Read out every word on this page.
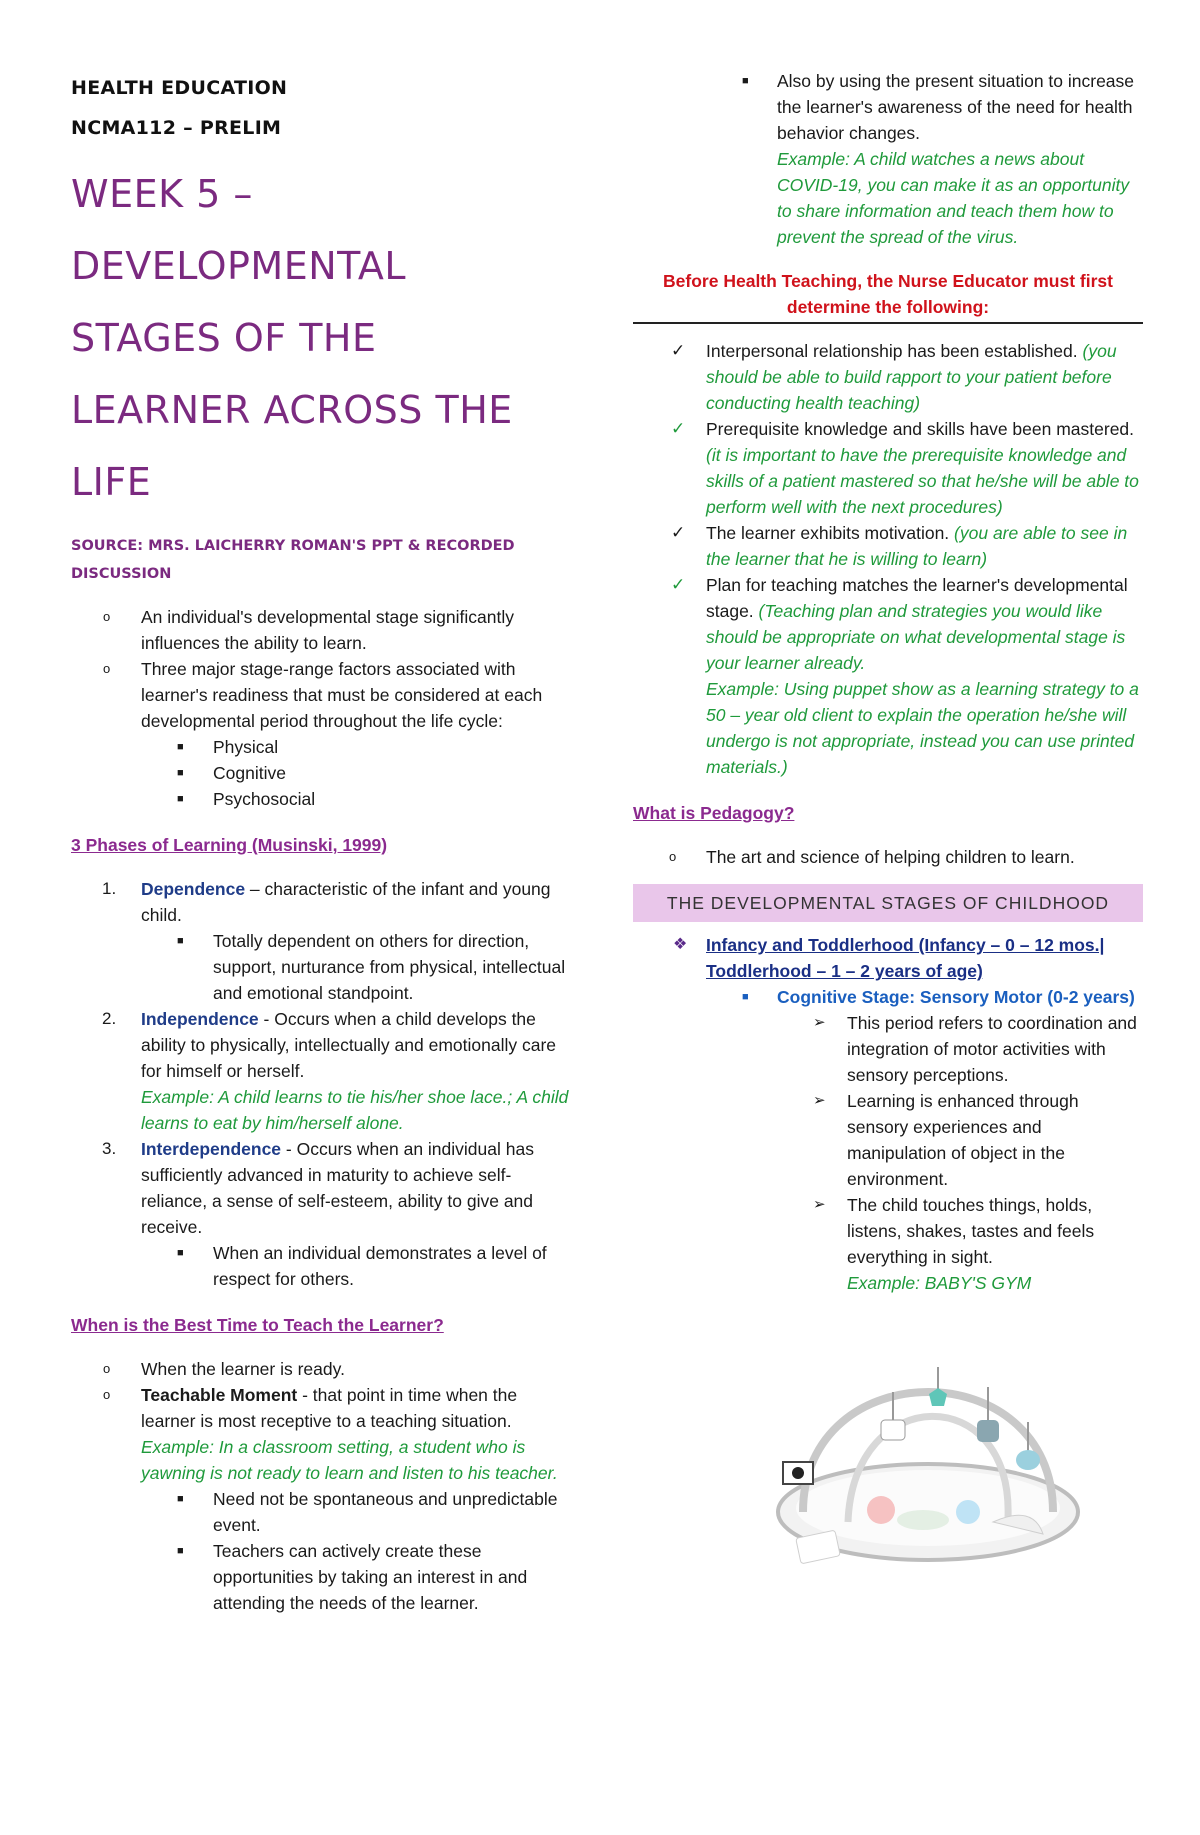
HEALTH EDUCATION
NCMA112 – PRELIM
WEEK 5 –
DEVELOPMENTAL
STAGES OF THE
LEARNER ACROSS THE
LIFE
SOURCE: MRS. LAICHERRY ROMAN'S PPT & RECORDED
DISCUSSION
o An individual's developmental stage significantly influences the ability to learn.
o Three major stage-range factors associated with learner's readiness that must be considered at each developmental period throughout the life cycle:
■ Physical
■ Cognitive
■ Psychosocial
3 Phases of Learning (Musinski, 1999)
1. Dependence – characteristic of the infant and young child.
■ Totally dependent on others for direction, support, nurturance from physical, intellectual and emotional standpoint.
2. Independence - Occurs when a child develops the ability to physically, intellectually and emotionally care for himself or herself.
Example: A child learns to tie his/her shoe lace.; A child learns to eat by him/herself alone.
3. Interdependence - Occurs when an individual has sufficiently advanced in maturity to achieve self-reliance, a sense of self-esteem, ability to give and receive.
■ When an individual demonstrates a level of respect for others.
When is the Best Time to Teach the Learner?
o When the learner is ready.
o Teachable Moment - that point in time when the learner is most receptive to a teaching situation.
Example: In a classroom setting, a student who is yawning is not ready to learn and listen to his teacher.
■ Need not be spontaneous and unpredictable event.
■ Teachers can actively create these opportunities by taking an interest in and attending the needs of the learner.
■ Also by using the present situation to increase the learner's awareness of the need for health behavior changes.
Example: A child watches a news about COVID-19, you can make it as an opportunity to share information and teach them how to prevent the spread of the virus.
Before Health Teaching, the Nurse Educator must first determine the following:
✓ Interpersonal relationship has been established. (you should be able to build rapport to your patient before conducting health teaching)
✓ Prerequisite knowledge and skills have been mastered. (it is important to have the prerequisite knowledge and skills of a patient mastered so that he/she will be able to perform well with the next procedures)
✓ The learner exhibits motivation. (you are able to see in the learner that he is willing to learn)
✓ Plan for teaching matches the learner's developmental stage. (Teaching plan and strategies you would like should be appropriate on what developmental stage is your learner already.
Example: Using puppet show as a learning strategy to a 50 – year old client to explain the operation he/she will undergo is not appropriate, instead you can use printed materials.)
What is Pedagogy?
o The art and science of helping children to learn.
THE DEVELOPMENTAL STAGES OF CHILDHOOD
❖ Infancy and Toddlerhood (Infancy – 0 – 12 mos.| Toddlerhood – 1 – 2 years of age)
■ Cognitive Stage: Sensory Motor (0-2 years)
➢ This period refers to coordination and integration of motor activities with sensory perceptions.
➢ Learning is enhanced through sensory experiences and manipulation of object in the environment.
➢ The child touches things, holds, listens, shakes, tastes and feels everything in sight.
Example: BABY'S GYM
